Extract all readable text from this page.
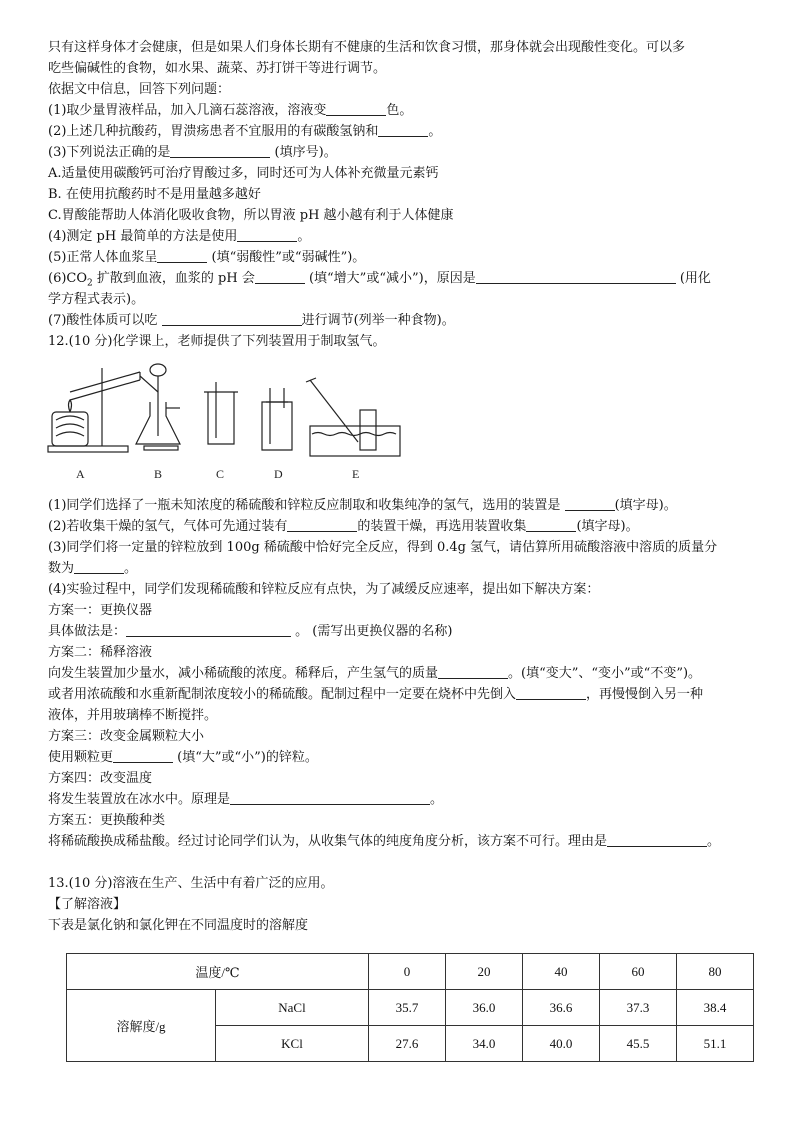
只有这样身体才会健康，但是如果人们身体长期有不健康的生活和饮食习惯，那身体就会出现酸性变化。可以多
吃些偏碱性的食物，如水果、蔬菜、苏打饼干等进行调节。
依据文中信息，回答下列问题：
(1)取少量胃液样品，加入几滴石蕊溶液，溶液变	色。
(2)上述几种抗酸药，胃溃疡患者不宜服用的有碳酸氢钠和	。
(3)下列说法正确的是	(填序号)。
A.适量使用碳酸钙可治疗胃酸过多，同时还可为人体补充微量元素钙
B. 在使用抗酸药时不是用量越多越好
C.胃酸能帮助人体消化吸收食物，所以胃液 pH 越小越有利于人体健康
(4)测定 pH 最简单的方法是使用	。
(5)正常人体血浆呈	(填“弱酸性”或“弱碱性”)。
$(6)CO_2$ 扩散到血液，血浆的 pH 会	(填“增大”或“减小”)，原因是	(用化
学方程式表示)。
(7)酸性体质可以吃	进行调节(列举一种食物)。
12.(10 分)化学课上，老师提供了下列装置用于制取氢气。
A	B	C	D	E
(1)同学们选择了一瓶未知浓度的稀硫酸和锌粒反应制取和收集纯净的氢气，选用的装置是	(填字母)。
(2)若收集干燥的氢气，气体可先通过装有	的装置干燥，再选用装置收集	(填字母)。
(3)同学们将一定量的锌粒放到 100g 稀硫酸中恰好完全反应，得到 0.4g 氢气，请估算所用硫酸溶液中溶质的质量分
数为	。
(4)实验过程中，同学们发现稀硫酸和锌粒反应有点快，为了减缓反应速率，提出如下解决方案：
方案一：更换仪器
具体做法是：	。 (需写出更换仪器的名称)
方案二：稀释溶液
向发生装置加少量水，减小稀硫酸的浓度。稀释后，产生氢气的质量	。(填“变大”、“变小”或“不变”)。
或者用浓硫酸和水重新配制浓度较小的稀硫酸。配制过程中一定要在烧杯中先倒入	，再慢慢倒入另一种
液体，并用玻璃棒不断搅拌。
方案三：改变金属颗粒大小
使用颗粒更	(填“大”或“小”)的锌粒。
方案四：改变温度
将发生装置放在冰水中。原理是	。
方案五：更换酸种类
将稀硫酸换成稀盐酸。经过讨论同学们认为，从收集气体的纯度角度分析，该方案不可行。理由是	。
13.(10 分)溶液在生产、生活中有着广泛的应用。
【了解溶液】
下表是氯化钠和氯化钾在不同温度时的溶解度
温度/℃		0	20	40	60	80
溶解度/g	NaCl	35.7	36.0	36.6	37.3	38.4
	KCl	27.6	34.0	40.0	45.5	51.1
